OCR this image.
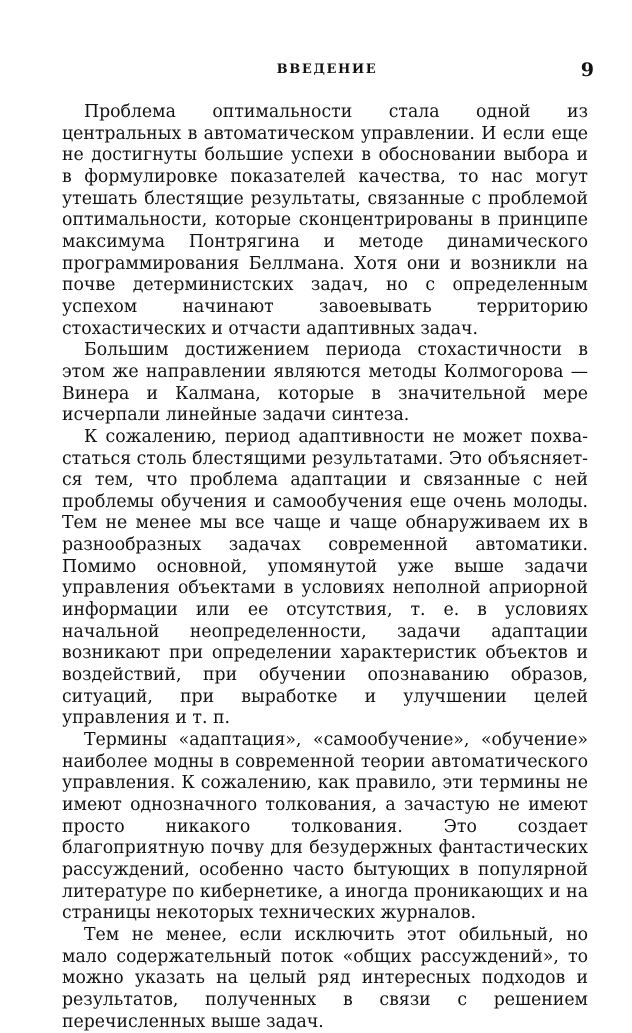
ВВЕДЕНИЕ	9

Проблема оптимальности стала одной из центральных в автоматическом управлении. И если еще не достигнуты большие успехи в обосновании выбора и в формулировке показателей качества, то нас могут утешать блестящие результаты, связанные с проблемой оптимальности, которые сконцентрированы в принципе максимума Понтрягина и методе динамического программирования Беллмана. Хотя они и возникли на почве детерминистских задач, но с определенным успехом начинают завоевывать территорию стохастических и отчасти адаптивных задач.

Большим достижением периода стохастичности в этом же направлении являются методы Колмогорова — Винера и Калмана, которые в значительной мере исчерпали линейные задачи синтеза.

К сожалению, период адаптивности не может похвастаться столь блестящими результатами. Это объясняется тем, что проблема адаптации и связанные с ней проблемы обучения и самообучения еще очень молоды. Тем не менее мы все чаще и чаще обнаруживаем их в разнообразных задачах современной автоматики. Помимо основной, упомянутой уже выше задачи управления объектами в условиях неполной априорной информации или ее отсутствия, т. е. в условиях начальной неопределенности, задачи адаптации возникают при определении характеристик объектов и воздействий, при обучении опознаванию образов, ситуаций, при выработке и улучшении целей управления и т. п.

Термины «адаптация», «самообучение», «обучение» наиболее модны в современной теории автоматического управления. К сожалению, как правило, эти термины не имеют однозначного толкования, а зачастую не имеют просто никакого толкования. Это создает благоприятную почву для безудержных фантастических рассуждений, особенно часто бытующих в популярной литературе по кибернетике, а иногда проникающих и на страницы некоторых технических журналов.

Тем не менее, если исключить этот обильный, но мало содержательный поток «общих рассуждений», то можно указать на целый ряд интересных подходов и результатов, полученных в связи с решением перечисленных выше задач.
